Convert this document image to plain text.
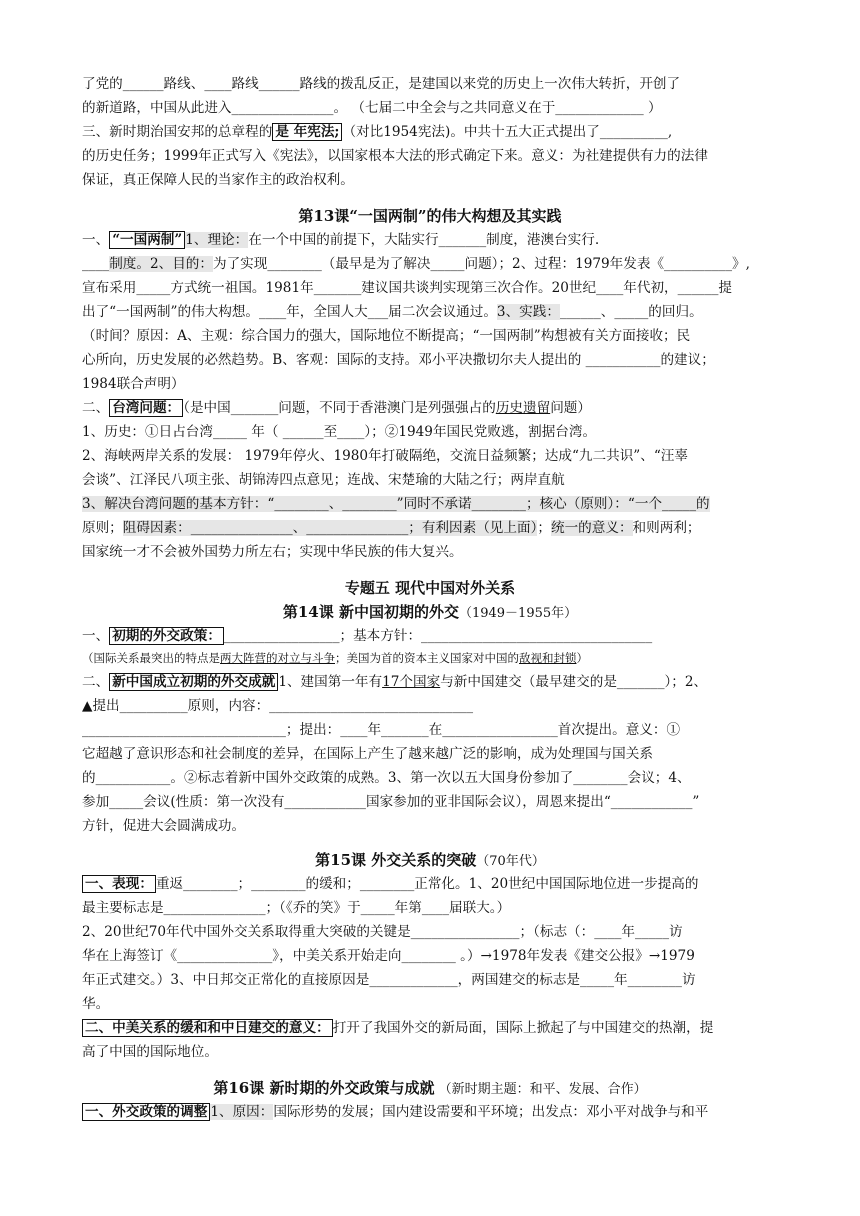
了党的______路线、____路线______路线的拨乱反正，是建国以来党的历史上一次伟大转折，开创了
的新道路，中国从此进入_______________。 （七届二中全会与之共同意义在于_____________ ）
三、新时期治国安邦的总章程的 是 年宪法; （对比1954宪法)。中共十五大正式提出了__________,
的历史任务；1999年正式写入《宪法》，以国家根本大法的形式确定下来。意义：为社建提供有力的法律
保证，真正保障人民的当家作主的政治权利。
第13课“一国两制”的伟大构想及其实践
一、 “一国两制” 1、理论：在一个中国的前提下，大陆实行_______制度，港澳台实行.
____制度。2、目的：为了实现________（最早是为了解决_____问题）；2、过程：1979年发表《__________》,
宣布采用_____方式统一祖国。1981年_______建议国共谈判实现第三次合作。20世纪____年代初，______提
出了“一国两制”的伟大构想。____年，全国人大___届二次会议通过。3、实践：______、_____的回归。
（时间？原因：A、主观：综合国力的强大，国际地位不断提高；“一国两制”构想被有关方面接收；民
心所向，历史发展的必然趋势。B、客观：国际的支持。邓小平决撒切尔夫人提出的 ___________的建议；
1984联合声明）
二、 台湾问题： （是中国_______问题，不同于香港澳门是列强强占的历史遗留问题）
1、历史：①日占台湾_____ 年（ ______至____）；②1949年国民党败逃，割据台湾。
2、海峡两岸关系的发展： 1979年停火、1980年打破隔绝，交流日益频繁；达成“九二共识”、“汪辜
会谈”、江泽民八项主张、胡锦涛四点意见；连战、宋楚瑜的大陆之行；两岸直航
3、解决台湾问题的基本方针：“________、________”同时不承诺________；核心（原则）：“一个_____的
原则；阻碍因素：_______________、_______________；有利因素（见上面）；统一的意义：和则两利；
国家统一才不会被外国势力所左右；实现中华民族的伟大复兴。
专题五 现代中国对外关系
第14课 新中国初期的外交（1949－1955年）
一、 初期的外交政策： _________________；基本方针：__________________________________
（国际关系最突出的特点是两大阵营的对立与斗争；美国为首的资本主义国家对中国的敌视和封锁）
二、 新中国成立初期的外交成就 1、建国第一年有17个国家与新中国建交（最早建交的是_______）；2、
▲提出__________原则，内容：______________________________
______________________________；提出：____年_______在_________________首次提出。意义：①
它超越了意识形态和社会制度的差异，在国际上产生了越来越广泛的影响，成为处理国与国关系
的___________。②标志着新中国外交政策的成熟。3、第一次以五大国身份参加了________会议；4、
参加_____会议(性质：第一次没有____________国家参加的亚非国际会议），周恩来提出“____________”
方针，促进大会圆满成功。
第15课 外交关系的突破（70年代）
一、表现： 重返________；________的缓和；________正常化。1、20世纪中国国际地位进一步提高的
最主要标志是_______________；（《乔的笑》于_____年第____届联大。）
2、20世纪70年代中国外交关系取得重大突破的关键是________________；（标志（：____年_____访
华在上海签订《______________》，中美关系开始走向________ 。）→1978年发表《建交公报》→1979
年正式建交。）3、中日邦交正常化的直接原因是_____________，两国建交的标志是_____年________访
华。
二、中美关系的缓和和中日建交的意义： 打开了我国外交的新局面，国际上掀起了与中国建交的热潮，提
高了中国的国际地位。
第16课 新时期的外交政策与成就 （新时期主题：和平、发展、合作）
一、外交政策的调整 1、原因：国际形势的发展；国内建设需要和平环境；出发点：邓小平对战争与和平
